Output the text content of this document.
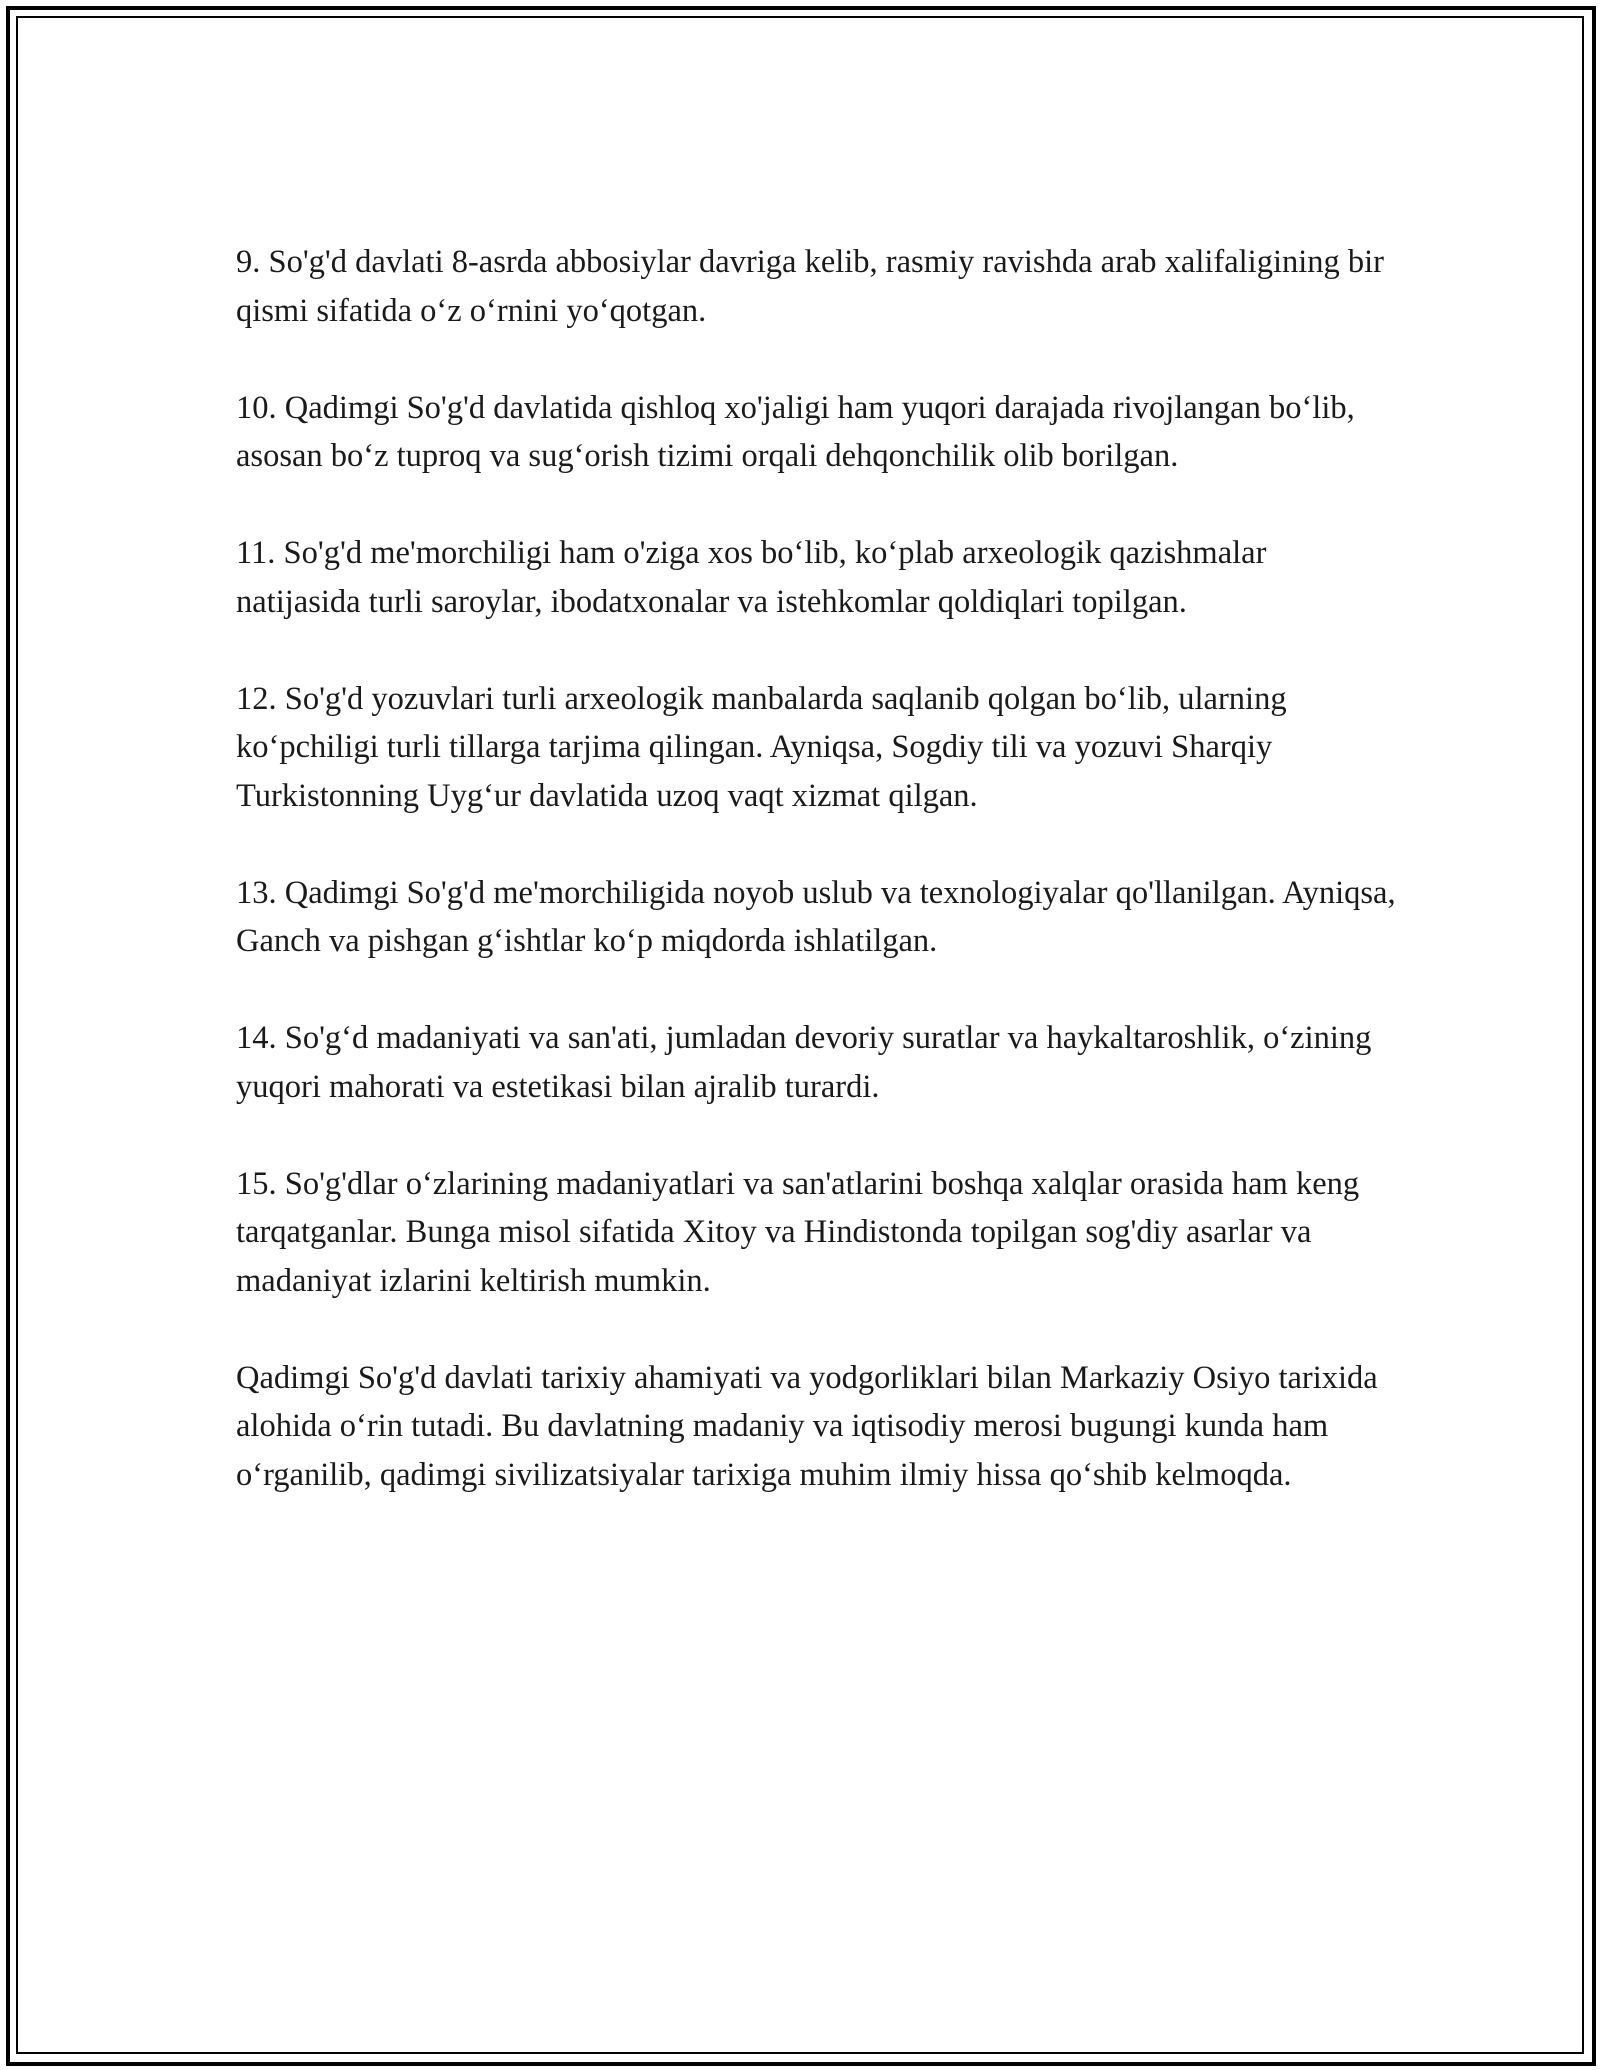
9. So'g'd davlati 8-asrda abbosiylar davriga kelib, rasmiy ravishda arab xalifaligining bir qismi sifatida o‘z o‘rnini yo‘qotgan.

10. Qadimgi So'g'd davlatida qishloq xo'jaligi ham yuqori darajada rivojlangan bo‘lib, asosan bo‘z tuproq va sug‘orish tizimi orqali dehqonchilik olib borilgan.

11. So'g'd me'morchiligi ham o'ziga xos bo‘lib, ko‘plab arxeologik qazishmalar natijasida turli saroylar, ibodatxonalar va istehkomlar qoldiqlari topilgan.

12. So'g'd yozuvlari turli arxeologik manbalarda saqlanib qolgan bo‘lib, ularning ko‘pchiligi turli tillarga tarjima qilingan. Ayniqsa, Sogdiy tili va yozuvi Sharqiy Turkistonning Uyg‘ur davlatida uzoq vaqt xizmat qilgan.

13. Qadimgi So'g'd me'morchiligida noyob uslub va texnologiyalar qo'llanilgan. Ayniqsa, Ganch va pishgan g‘ishtlar ko‘p miqdorda ishlatilgan.

14. So'g‘d madaniyati va san'ati, jumladan devoriy suratlar va haykaltaroshlik, o‘zining yuqori mahorati va estetikasi bilan ajralib turardi.

15. So'g'dlar o‘zlarining madaniyatlari va san'atlarini boshqa xalqlar orasida ham keng tarqatganlar. Bunga misol sifatida Xitoy va Hindistonda topilgan sog'diy asarlar va madaniyat izlarini keltirish mumkin.

Qadimgi So'g'd davlati tarixiy ahamiyati va yodgorliklari bilan Markaziy Osiyo tarixida alohida o‘rin tutadi. Bu davlatning madaniy va iqtisodiy merosi bugungi kunda ham o‘rganilib, qadimgi sivilizatsiyalar tarixiga muhim ilmiy hissa qo‘shib kelmoqda.
